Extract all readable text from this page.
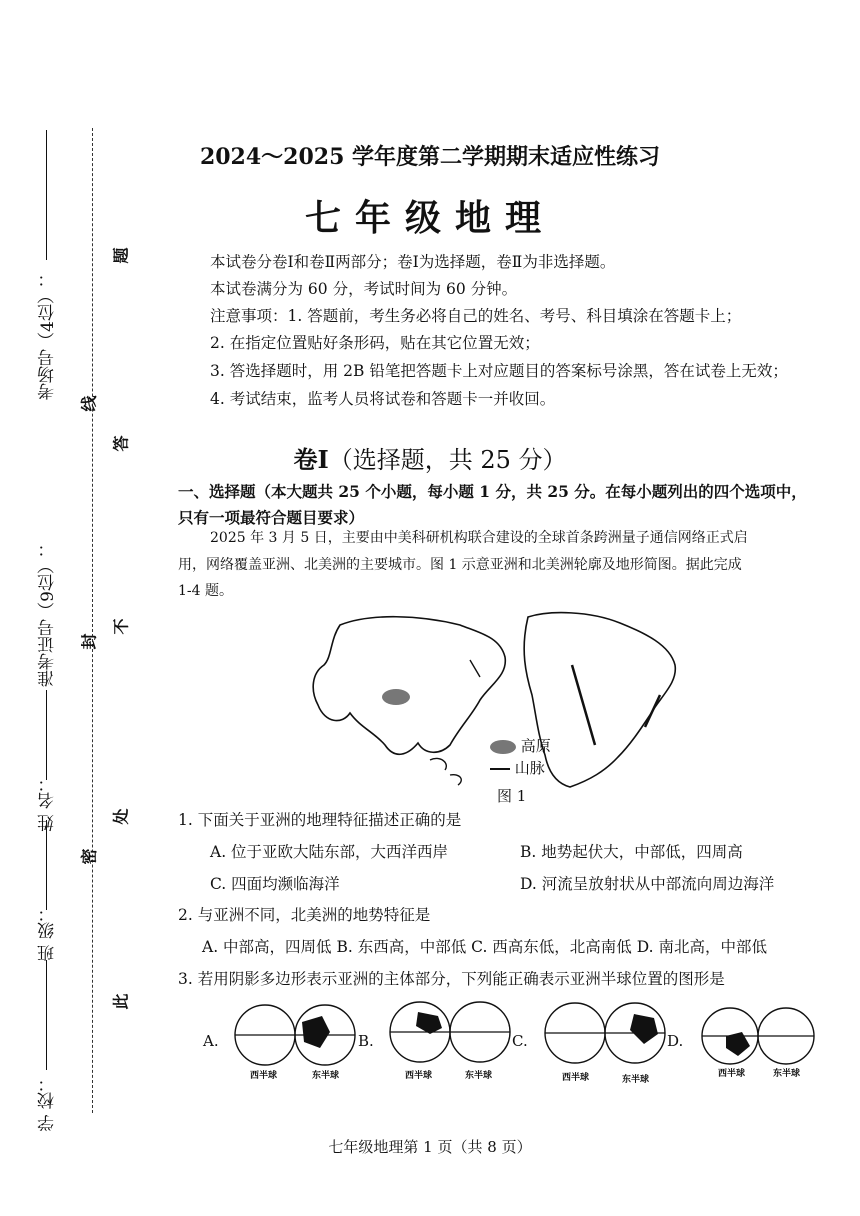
考场号（4位）：
准考证号（9位）：
姓 名：
班 级：
学 校：
线
封
密
题
答
不
处
此
2024～2025 学年度第二学期期末适应性练习
七年级地理
本试卷分卷Ⅰ和卷Ⅱ两部分；卷Ⅰ为选择题，卷Ⅱ为非选择题。
本试卷满分为 60 分，考试时间为 60 分钟。
注意事项：1. 答题前，考生务必将自己的姓名、考号、科目填涂在答题卡上；
2. 在指定位置贴好条形码，贴在其它位置无效；
3. 答选择题时，用 2B 铅笔把答题卡上对应题目的答案标号涂黑，答在试卷上无效；
4. 考试结束，监考人员将试卷和答题卡一并收回。
卷Ⅰ（选择题，共 25 分）
一、选择题（本大题共 25 个小题，每小题 1 分，共 25 分。在每小题列出的四个选项中，
只有一项最符合题目要求）
2025 年 3 月 5 日，主要由中美科研机构联合建设的全球首条跨洲量子通信网络正式启
用，网络覆盖亚洲、北美洲的主要城市。图 1 示意亚洲和北美洲轮廓及地形简图。据此完成
1-4 题。
高原
山脉
图 1
1. 下面关于亚洲的地理特征描述正确的是
A. 位于亚欧大陆东部，大西洋西岸	B. 地势起伏大，中部低，四周高
C. 四面均濒临海洋	D. 河流呈放射状从中部流向周边海洋
2. 与亚洲不同，北美洲的地势特征是
A. 中部高，四周低 B. 东西高，中部低 C. 西高东低，北高南低 D. 南北高，中部低
3. 若用阴影多边形表示亚洲的主体部分，下列能正确表示亚洲半球位置的图形是
A.	B.	C.	D.
西半球	东半球	西半球	东半球	西半球	东半球
西半球	东半球
七年级地理第 1 页（共 8 页）
